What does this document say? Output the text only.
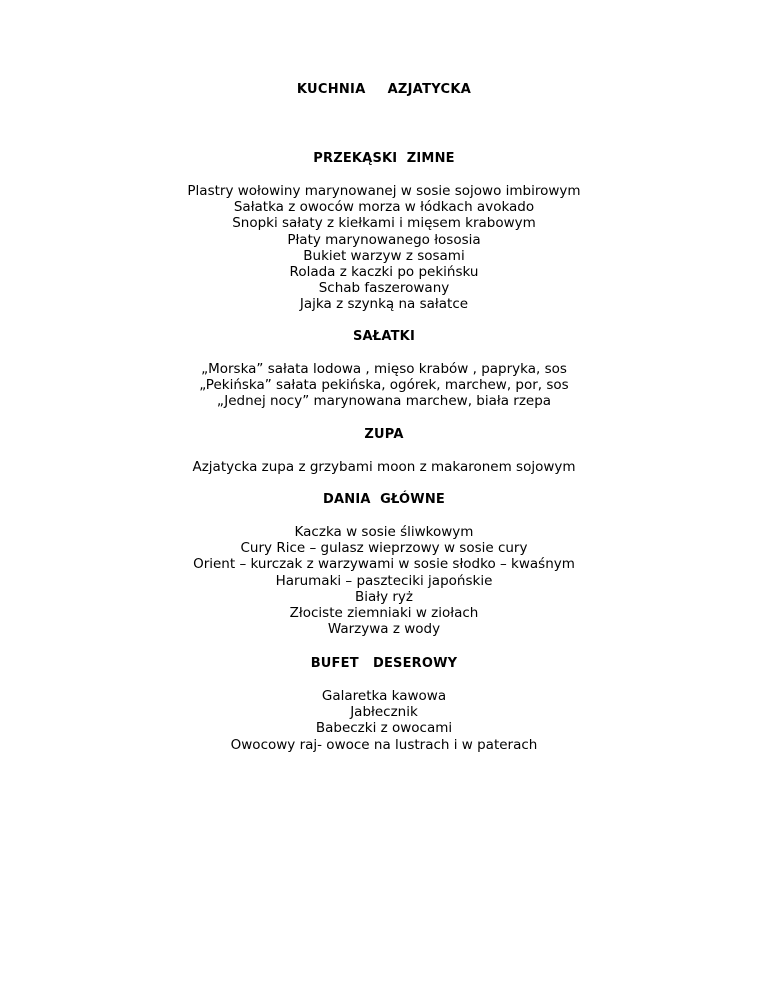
KUCHNIA AZJATYCKA
PRZEKĄSKI  ZIMNE
Plastry wołowiny marynowanej w sosie sojowo imbirowym
Sałatka z owoców morza w łódkach avokado
Snopki sałaty z kiełkami i mięsem krabowym
Płaty marynowanego łososia
Bukiet warzyw z sosami
Rolada z kaczki po pekińsku
Schab faszerowany
Jajka z szynką na sałatce
SAŁATKI
„Morska” sałata lodowa , mięso krabów , papryka, sos
„Pekińska” sałata pekińska, ogórek, marchew, por, sos
„Jednej nocy” marynowana marchew, biała rzepa
ZUPA
Azjatycka zupa z grzybami moon z makaronem sojowym
DANIA  GŁÓWNE
Kaczka w sosie śliwkowym
Cury Rice – gulasz wieprzowy w sosie cury
Orient – kurczak z warzywami w sosie słodko – kwaśnym
Harumaki – paszteciki japońskie
Biały ryż
Złociste ziemniaki w ziołach
Warzywa z wody
BUFET   DESEROWY
Galaretka kawowa
Jabłecznik
Babeczki z owocami
Owocowy raj- owoce na lustrach i w paterach
